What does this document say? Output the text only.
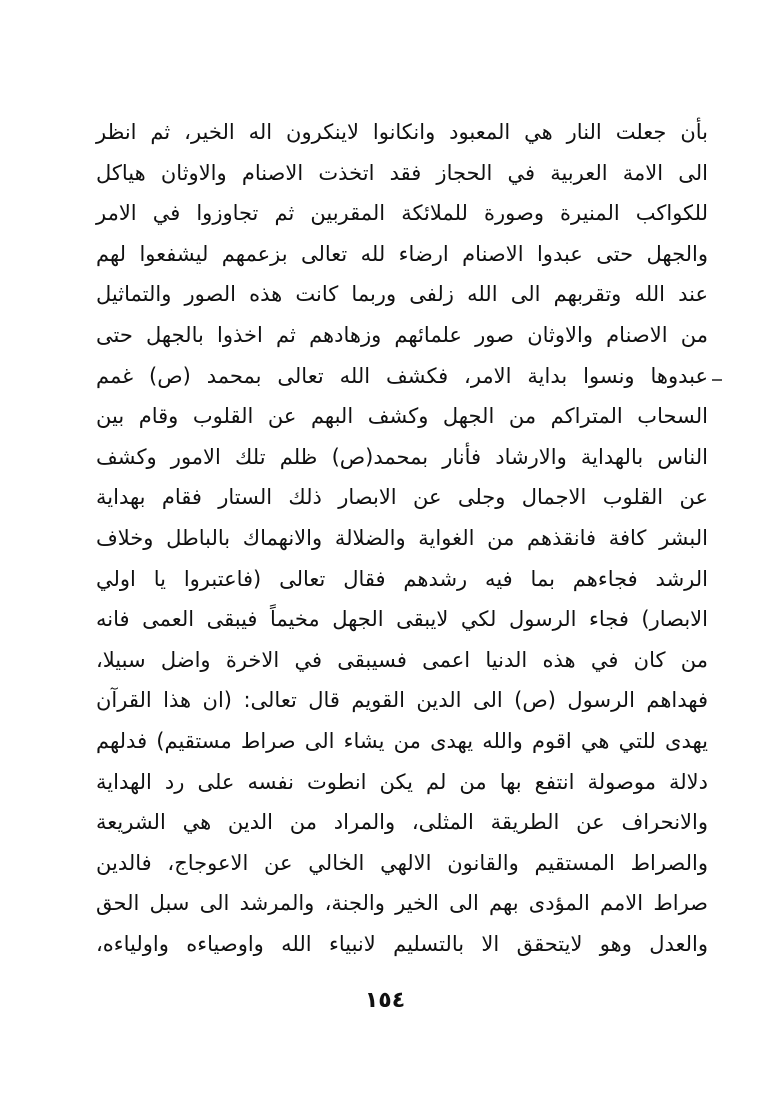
بأن جعلت النار هي المعبود وانكانوا لاينكرون اله الخير، ثم انظر
الى الامة العربية في الحجاز فقد اتخذت الاصنام والاوثان هياكل
للكواكب المنيرة وصورة للملائكة المقربين ثم تجاوزوا في الامر
والجهل حتى عبدوا الاصنام ارضاء لله تعالى بزعمهم ليشفعوا لهم
عند الله وتقربهم الى الله زلفى وربما كانت هذه الصور والتماثيل
من الاصنام والاوثان صور علمائهم وزهادهم ثم اخذوا بالجهل حتى
عبدوها ونسوا بداية الامر، فكشف الله تعالى بمحمد (ص) غمم
السحاب المتراكم من الجهل وكشف البهم عن القلوب وقام بين
الناس بالهداية والارشاد فأنار بمحمد(ص) ظلم تلك الامور وكشف
عن القلوب الاجمال وجلى عن الابصار ذلك الستار فقام بهداية
البشر كافة فانقذهم من الغواية والضلالة والانهماك بالباطل وخلاف
الرشد فجاءهم بما فيه رشدهم فقال تعالى (فاعتبروا يا اولي
الابصار) فجاء الرسول لكي لايبقى الجهل مخيماً فيبقى العمى فانه
من كان في هذه الدنيا اعمى فسيبقى في الاخرة واضل سبيلا،
فهداهم الرسول (ص) الى الدين القويم قال تعالى: (ان هذا القرآن
يهدى للتي هي اقوم والله يهدى من يشاء الى صراط مستقيم) فدلهم
دلالة موصولة انتفع بها من لم يكن انطوت نفسه على رد الهداية
والانحراف عن الطريقة المثلى، والمراد من الدين هي الشريعة
والصراط المستقيم والقانون الالهي الخالي عن الاعوجاج، فالدين
صراط الامم المؤدى بهم الى الخير والجنة، والمرشد الى سبل الحق
والعدل وهو لايتحقق الا بالتسليم لانبياء الله واوصياءه واولياءه،
١٥٤
